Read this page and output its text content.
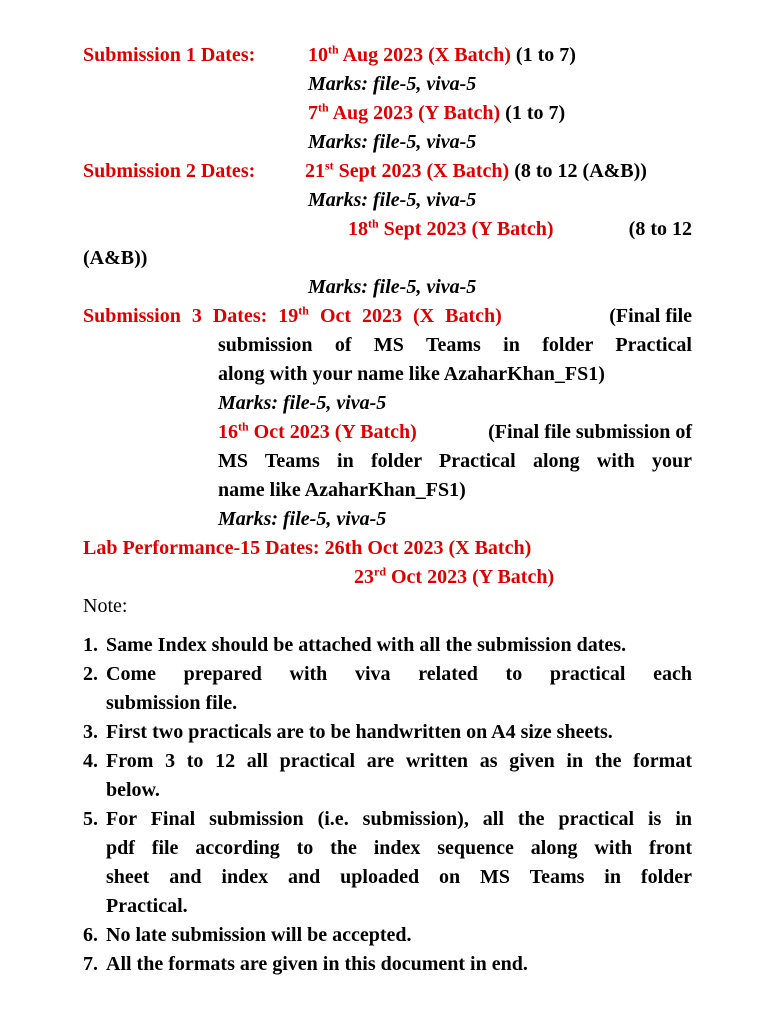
Submission 1 Dates:	10th Aug 2023 (X Batch) (1 to 7)
Marks: file-5, viva-5
7th Aug 2023 (Y Batch) (1 to 7)
Marks: file-5, viva-5
Submission 2 Dates: 21st Sept 2023 (X Batch) (8 to 12 (A&B))
Marks: file-5, viva-5
18th Sept 2023 (Y Batch)	(8 to 12
(A&B))
Marks: file-5, viva-5
Submission 3 Dates: 19 $^{th}$ Oct 2023 (X Batch)	(Final file
submission of MS Teams in folder Practical
along with your name like AzaharKhan_FS1)
Marks: file-5, viva-5
16th Oct 2023 (Y Batch)	(Final file submission of
MS Teams in folder Practical along with your
name like AzaharKhan_FS1)
Marks: file-5, viva-5
Lab Performance-15 Dates: 26th Oct 2023 (X Batch)
23rd Oct 2023 (Y Batch)
Note:
1. Same Index should be attached with all the submission dates.
2. Come prepared with viva related to practical each
submission file.
3. First two practicals are to be handwritten on A4 size sheets.
4. From 3 to 12 all practical are written as given in the format
below.
5. For Final submission (i.e. submission), all the practical is in
pdf file according to the index sequence along with front
sheet and index and uploaded on MS Teams in folder
Practical.
6. No late submission will be accepted.
7. All the formats are given in this document in end.
